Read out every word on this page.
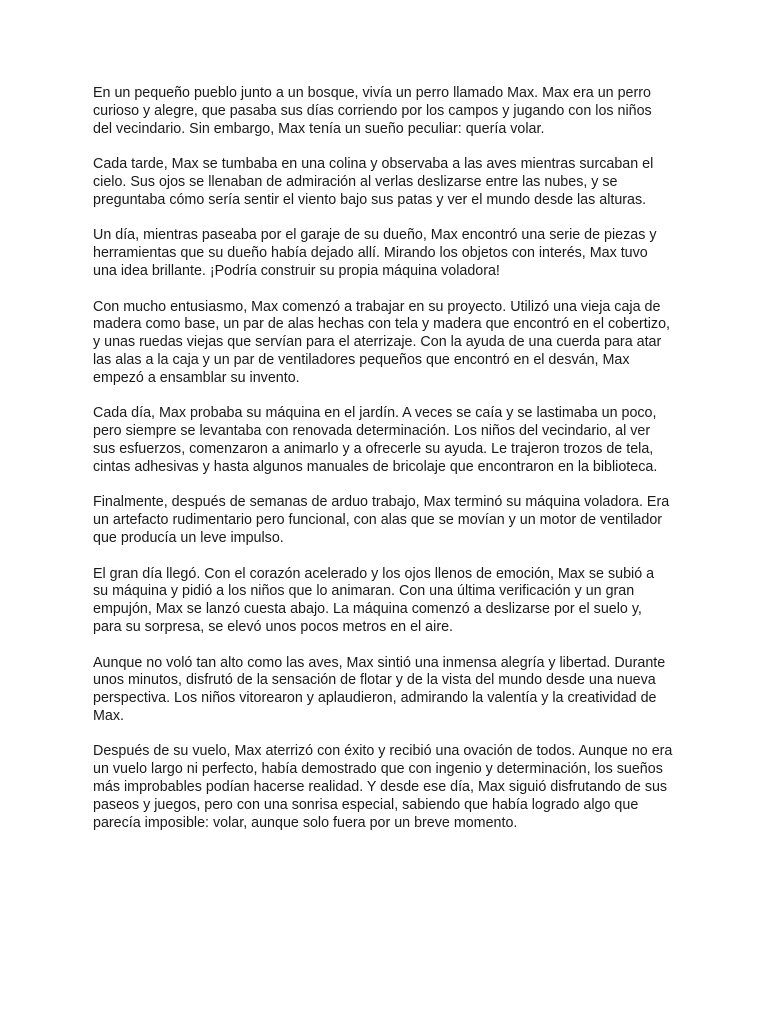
En un pequeño pueblo junto a un bosque, vivía un perro llamado Max. Max era un perro curioso y alegre, que pasaba sus días corriendo por los campos y jugando con los niños del vecindario. Sin embargo, Max tenía un sueño peculiar: quería volar.

Cada tarde, Max se tumbaba en una colina y observaba a las aves mientras surcaban el cielo. Sus ojos se llenaban de admiración al verlas deslizarse entre las nubes, y se preguntaba cómo sería sentir el viento bajo sus patas y ver el mundo desde las alturas.

Un día, mientras paseaba por el garaje de su dueño, Max encontró una serie de piezas y herramientas que su dueño había dejado allí. Mirando los objetos con interés, Max tuvo una idea brillante. ¡Podría construir su propia máquina voladora!

Con mucho entusiasmo, Max comenzó a trabajar en su proyecto. Utilizó una vieja caja de madera como base, un par de alas hechas con tela y madera que encontró en el cobertizo, y unas ruedas viejas que servían para el aterrizaje. Con la ayuda de una cuerda para atar las alas a la caja y un par de ventiladores pequeños que encontró en el desván, Max empezó a ensamblar su invento.

Cada día, Max probaba su máquina en el jardín. A veces se caía y se lastimaba un poco, pero siempre se levantaba con renovada determinación. Los niños del vecindario, al ver sus esfuerzos, comenzaron a animarlo y a ofrecerle su ayuda. Le trajeron trozos de tela, cintas adhesivas y hasta algunos manuales de bricolaje que encontraron en la biblioteca.

Finalmente, después de semanas de arduo trabajo, Max terminó su máquina voladora. Era un artefacto rudimentario pero funcional, con alas que se movían y un motor de ventilador que producía un leve impulso.

El gran día llegó. Con el corazón acelerado y los ojos llenos de emoción, Max se subió a su máquina y pidió a los niños que lo animaran. Con una última verificación y un gran empujón, Max se lanzó cuesta abajo. La máquina comenzó a deslizarse por el suelo y, para su sorpresa, se elevó unos pocos metros en el aire.

Aunque no voló tan alto como las aves, Max sintió una inmensa alegría y libertad. Durante unos minutos, disfrutó de la sensación de flotar y de la vista del mundo desde una nueva perspectiva. Los niños vitorearon y aplaudieron, admirando la valentía y la creatividad de Max.

Después de su vuelo, Max aterrizó con éxito y recibió una ovación de todos. Aunque no era un vuelo largo ni perfecto, había demostrado que con ingenio y determinación, los sueños más improbables podían hacerse realidad. Y desde ese día, Max siguió disfrutando de sus paseos y juegos, pero con una sonrisa especial, sabiendo que había logrado algo que parecía imposible: volar, aunque solo fuera por un breve momento.
